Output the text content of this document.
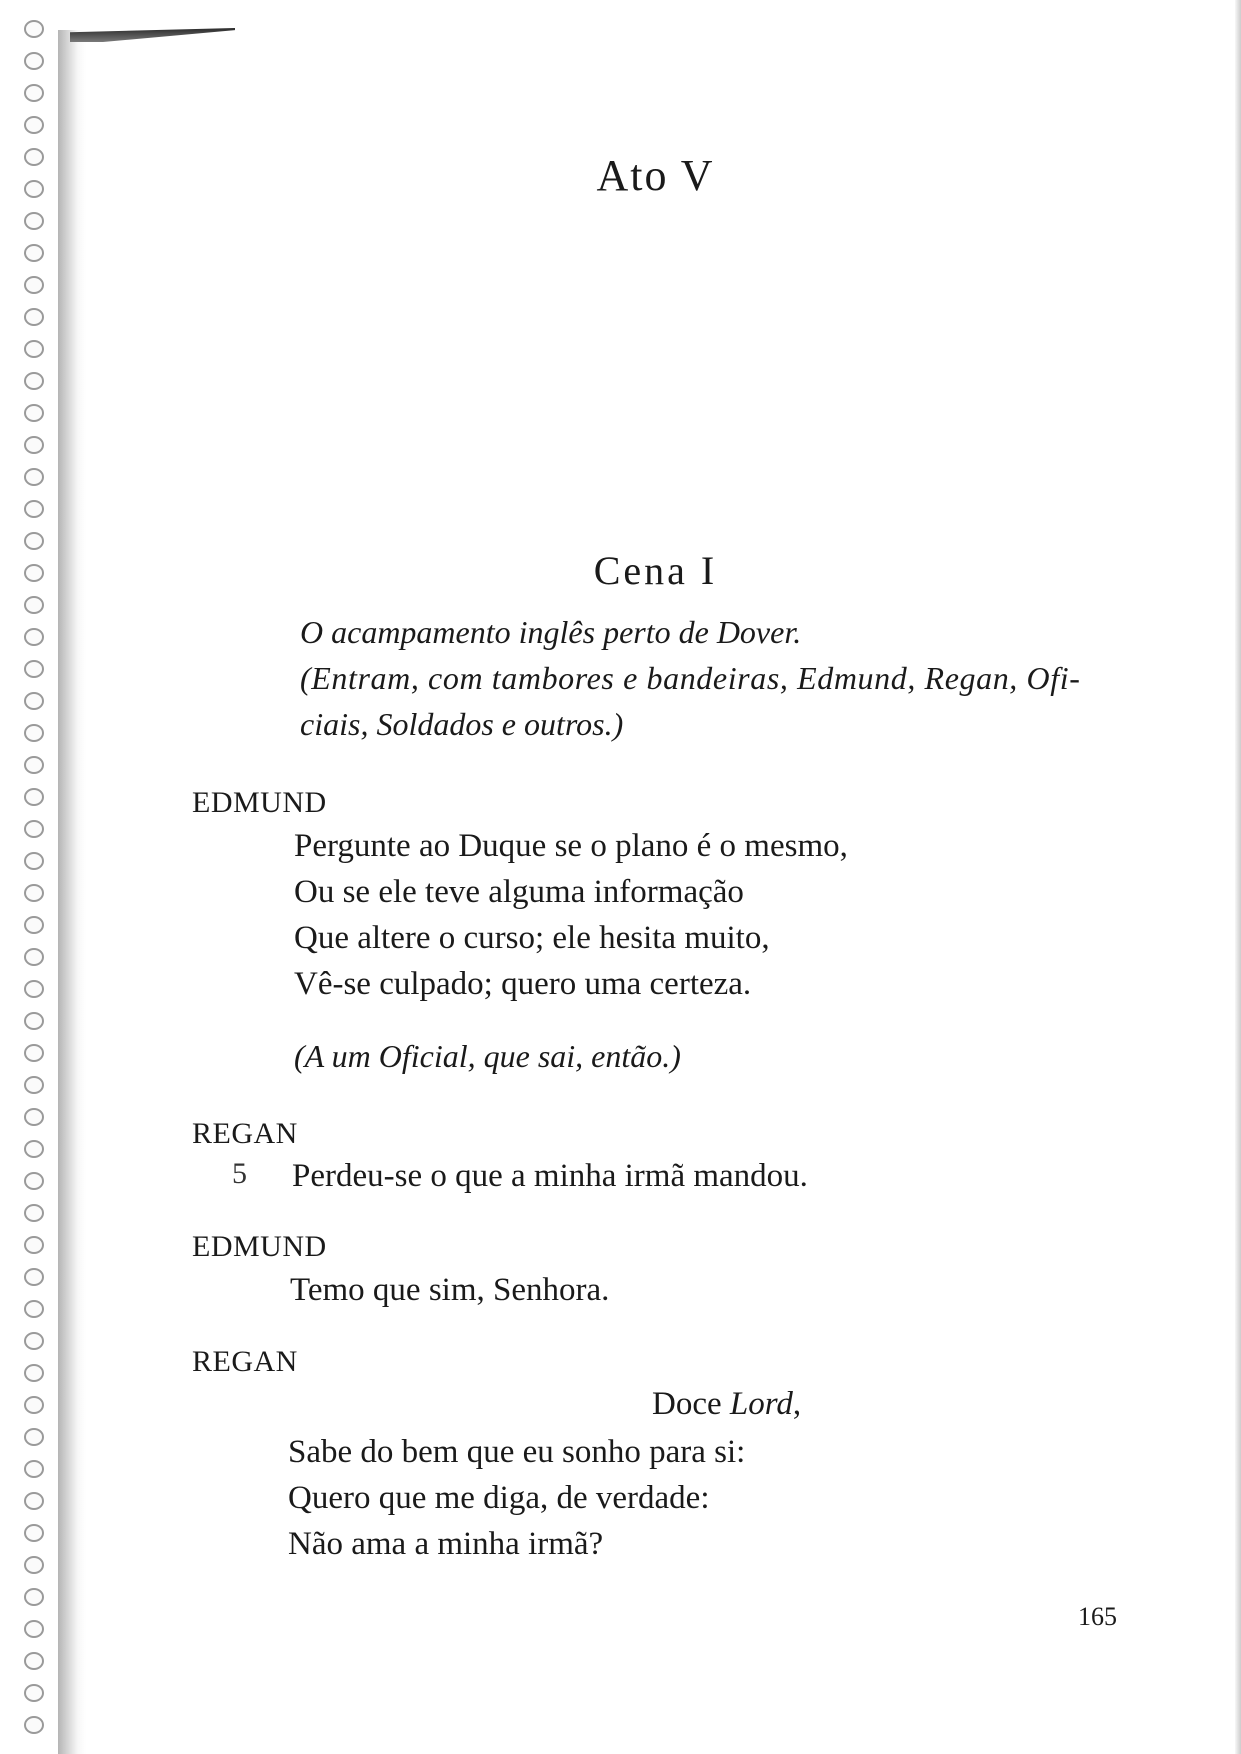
Ato V
Cena I

O acampamento inglês perto de Dover.

(Entram, com tambores e bandeiras, Edmund, Regan, Ofi-

ciais, Soldados e outros.)

EDMUND

Pergunte ao Duque se o plano é o mesmo,
Ou se ele teve alguma informação
Que altere o curso; ele hesita muito,
Vê-se culpado; quero uma certeza.

(A um Oficial, que sai, então.)

REGAN

5 Perdeu-se o que a minha irmã mandou.

EDMUND

Temo que sim, Senhora.

REGAN

Doce Lord,
Sabe do bem que eu sonho para si:
Quero que me diga, de verdade:
Não ama a minha irmã?
165
